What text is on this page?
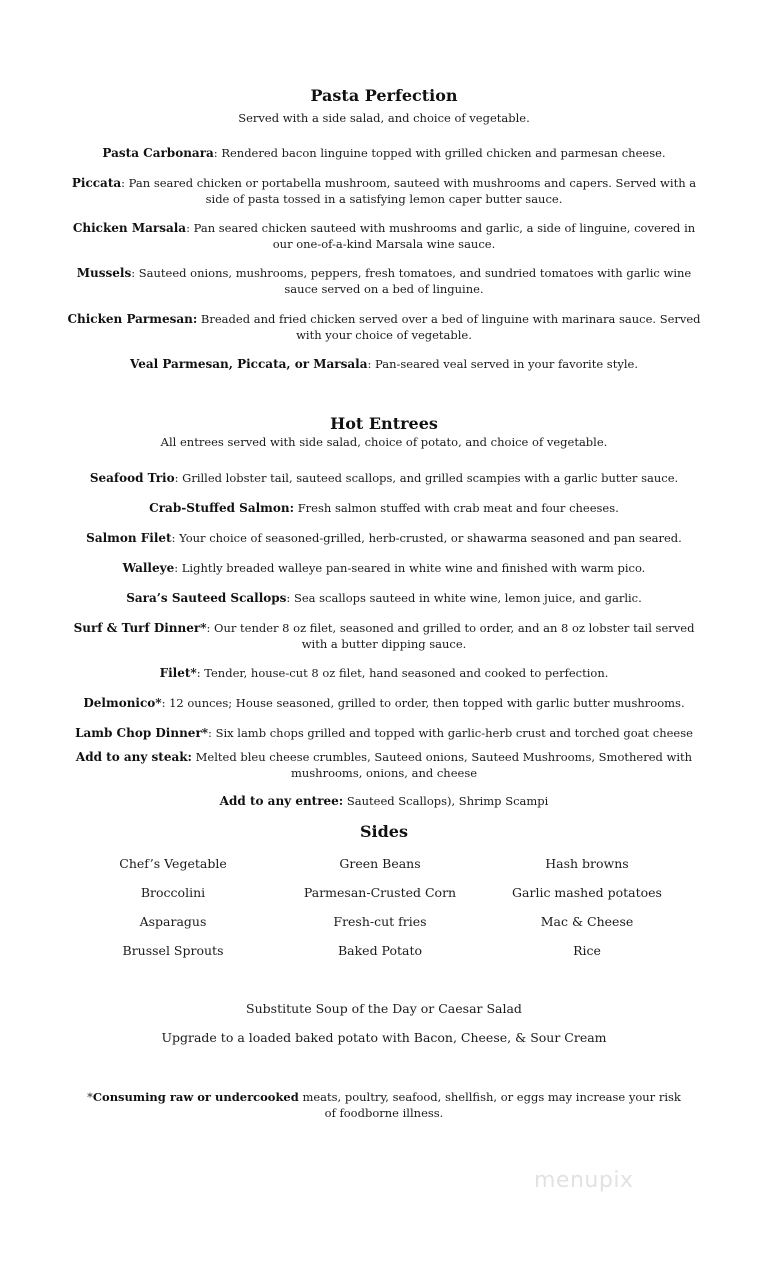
Pasta Perfection

Served with a side salad, and choice of vegetable.

Pasta Carbonara: Rendered bacon linguine topped with grilled chicken and parmesan cheese.

Piccata: Pan seared chicken or portabella mushroom, sauteed with mushrooms and capers. Served with a side of pasta tossed in a satisfying lemon caper butter sauce.

Chicken Marsala: Pan seared chicken sauteed with mushrooms and garlic, a side of linguine, covered in our one-of-a-kind Marsala wine sauce.

Mussels: Sauteed onions, mushrooms, peppers, fresh tomatoes, and sundried tomatoes with garlic wine sauce served on a bed of linguine.

Chicken Parmesan: Breaded and fried chicken served over a bed of linguine with marinara sauce. Served with your choice of vegetable.

Veal Parmesan, Piccata, or Marsala: Pan-seared veal served in your favorite style.

Hot Entrees

All entrees served with side salad, choice of potato, and choice of vegetable.

Seafood Trio: Grilled lobster tail, sauteed scallops, and grilled scampies with a garlic butter sauce.

Crab-Stuffed Salmon: Fresh salmon stuffed with crab meat and four cheeses.

Salmon Filet: Your choice of seasoned-grilled, herb-crusted, or shawarma seasoned and pan seared.

Walleye: Lightly breaded walleye pan-seared in white wine and finished with warm pico.

Sara’s Sauteed Scallops: Sea scallops sauteed in white wine, lemon juice, and garlic.

Surf & Turf Dinner*: Our tender 8 oz filet, seasoned and grilled to order, and an 8 oz lobster tail served with a butter dipping sauce.

Filet*: Tender, house-cut 8 oz filet, hand seasoned and cooked to perfection.

Delmonico*: 12 ounces; House seasoned, grilled to order, then topped with garlic butter mushrooms.

Lamb Chop Dinner*: Six lamb chops grilled and topped with garlic-herb crust and torched goat cheese

Add to any steak: Melted bleu cheese crumbles, Sauteed onions, Sauteed Mushrooms, Smothered with mushrooms, onions, and cheese

Add to any entree: Sauteed Scallops), Shrimp Scampi

Sides
Chef’s Vegetable	Green Beans	Hash browns
Broccolini	Parmesan-Crusted Corn	Garlic mashed potatoes
Asparagus	Fresh-cut fries	Mac & Cheese
Brussel Sprouts	Baked Potato	Rice

Substitute Soup of the Day or Caesar Salad

Upgrade to a loaded baked potato with Bacon, Cheese, & Sour Cream

*Consuming raw or undercooked meats, poultry, seafood, shellfish, or eggs may increase your risk of foodborne illness.

menupix
